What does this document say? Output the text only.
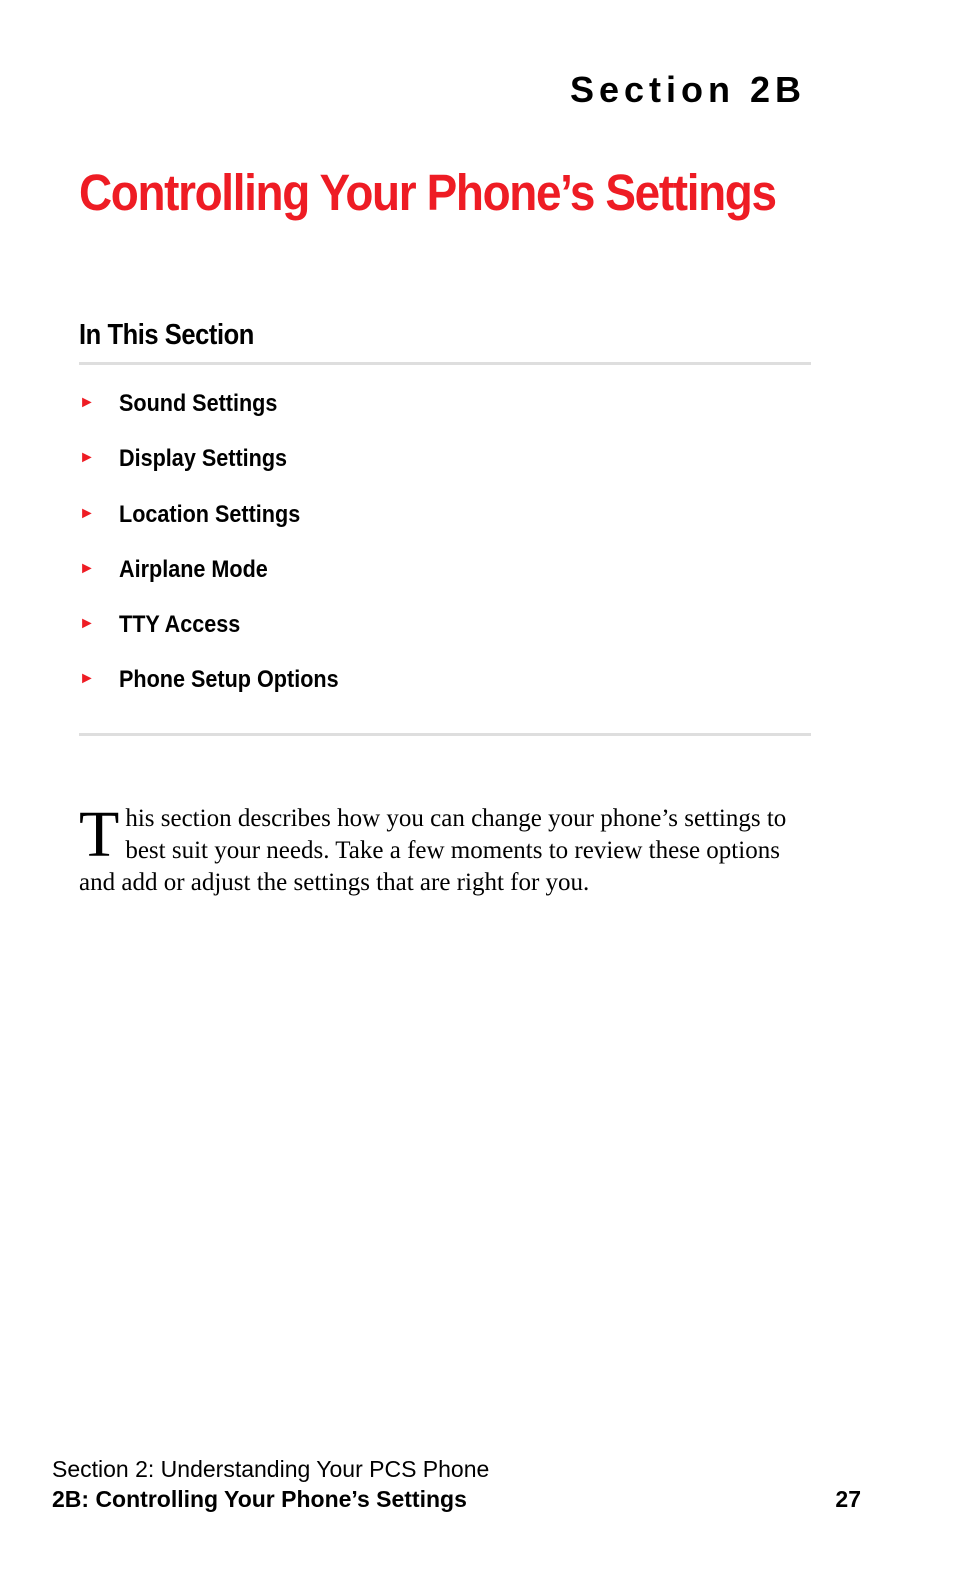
Section 2B
Controlling Your Phone’s Settings
In This Section
►	Sound Settings
►	Display Settings
►	Location Settings
►	Airplane Mode
►	TTY Access
►	Phone Setup Options

This section describes how you can change your phone’s settings to best suit your needs. Take a few moments to review these options and add or adjust the settings that are right for you.

Section 2: Understanding Your PCS Phone
2B: Controlling Your Phone’s Settings	27
